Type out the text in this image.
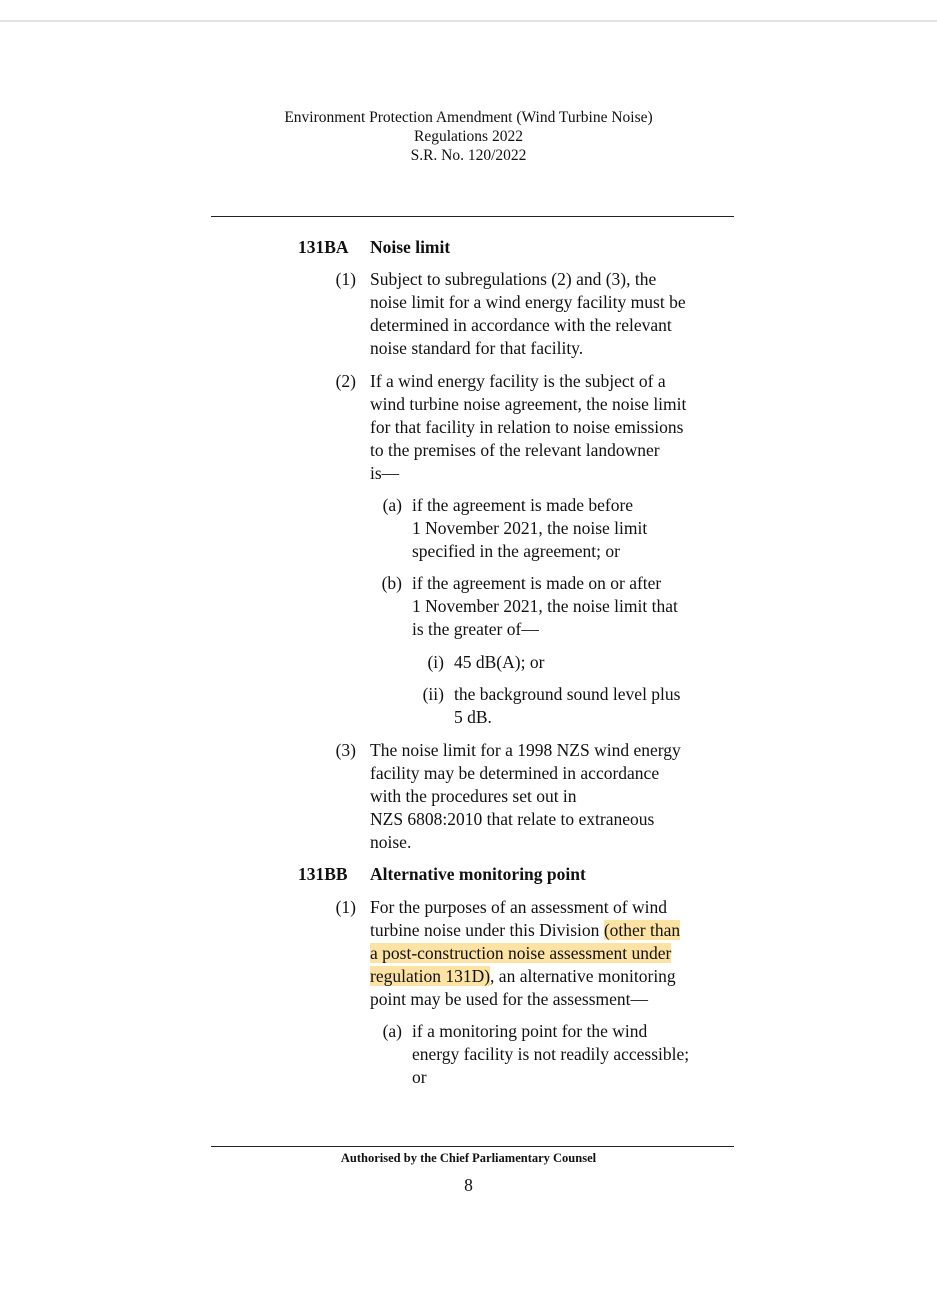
Environment Protection Amendment (Wind Turbine Noise)
Regulations 2022
S.R. No. 120/2022
131BA Noise limit
(1) Subject to subregulations (2) and (3), the
noise limit for a wind energy facility must be
determined in accordance with the relevant
noise standard for that facility.
(2) If a wind energy facility is the subject of a
wind turbine noise agreement, the noise limit
for that facility in relation to noise emissions
to the premises of the relevant landowner
is—
(a) if the agreement is made before
1 November 2021, the noise limit
specified in the agreement; or
(b) if the agreement is made on or after
1 November 2021, the noise limit that
is the greater of—
(i) 45 dB(A); or
(ii) the background sound level plus
5 dB.
(3) The noise limit for a 1998 NZS wind energy
facility may be determined in accordance
with the procedures set out in
NZS 6808:2010 that relate to extraneous
noise.
131BB Alternative monitoring point
(1) For the purposes of an assessment of wind
turbine noise under this Division (other than
a post-construction noise assessment under
regulation 131D), an alternative monitoring
point may be used for the assessment—
(a) if a monitoring point for the wind
energy facility is not readily accessible;
or
Authorised by the Chief Parliamentary Counsel
8
